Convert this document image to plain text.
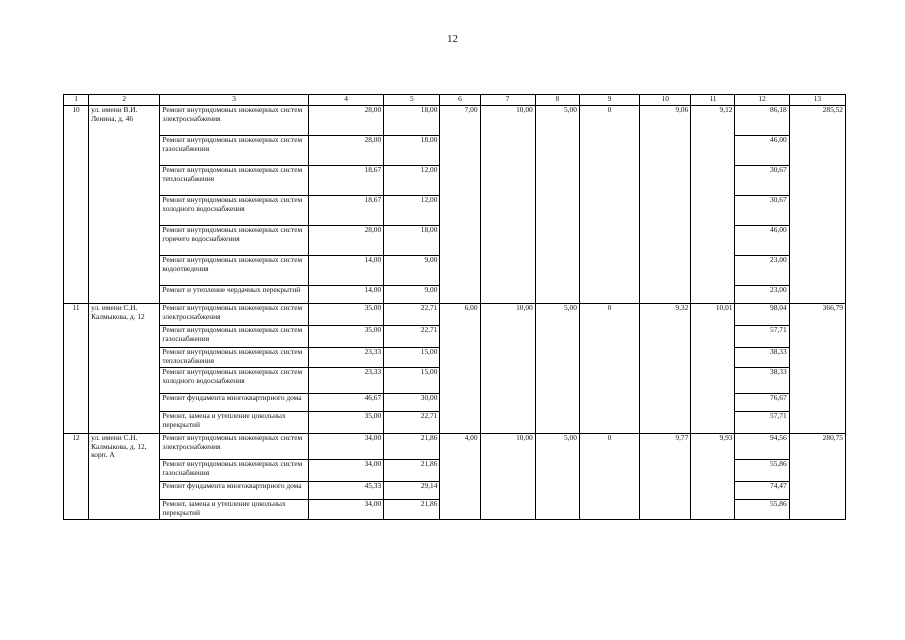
12
1	2	3	4	5	6	7	8	9	10	11	12	13
10	ул. имени В.И. Ленина, д. 46	Ремонт внутридомовых инженерных систем электроснабжения	28,00	18,00	7,00	10,00	5,00	0	9,06	9,12	86,18	285,52
		Ремонт внутридомовых инженерных систем газоснабжения	28,00	18,00							46,00	
		Ремонт внутридомовых инженерных систем теплоснабжения	18,67	12,00							30,67	
		Ремонт внутридомовых инженерных систем холодного водоснабжения	18,67	12,00							30,67	
		Ремонт внутридомовых инженерных систем горячего водоснабжения	28,00	18,00							46,00	
		Ремонт внутридомовых инженерных систем водоотведения	14,00	9,00							23,00	
		Ремонт и утепление чердачных перекрытий	14,00	9,00							23,00	
11	ул. имени С.Н. Калмыкова, д. 12	Ремонт внутридомовых инженерных систем электроснабжения	35,00	22,71	6,00	10,00	5,00	0	9,32	10,01	98,04	366,79
		Ремонт внутридомовых инженерных систем газоснабжения	35,00	22,71							57,71	
		Ремонт внутридомовых инженерных систем теплоснабжения	23,33	15,00							38,33	
		Ремонт внутридомовых инженерных систем холодного водоснабжения	23,33	15,00							38,33	
		Ремонт фундамента многоквартирного дома	46,67	30,00							76,67	
		Ремонт, замена и утепление цокольных перекрытий	35,00	22,71							57,71	
12	ул. имени С.Н. Калмыкова, д. 12, корп. А	Ремонт внутридомовых инженерных систем электроснабжения	34,00	21,86	4,00	10,00	5,00	0	9,77	9,93	94,56	280,75
		Ремонт внутридомовых инженерных систем газоснабжения	34,00	21,86							55,86	
		Ремонт фундамента многоквартирного дома	45,33	29,14							74,47	
		Ремонт, замена и утепление цокольных перекрытий	34,00	21,86							55,86	
